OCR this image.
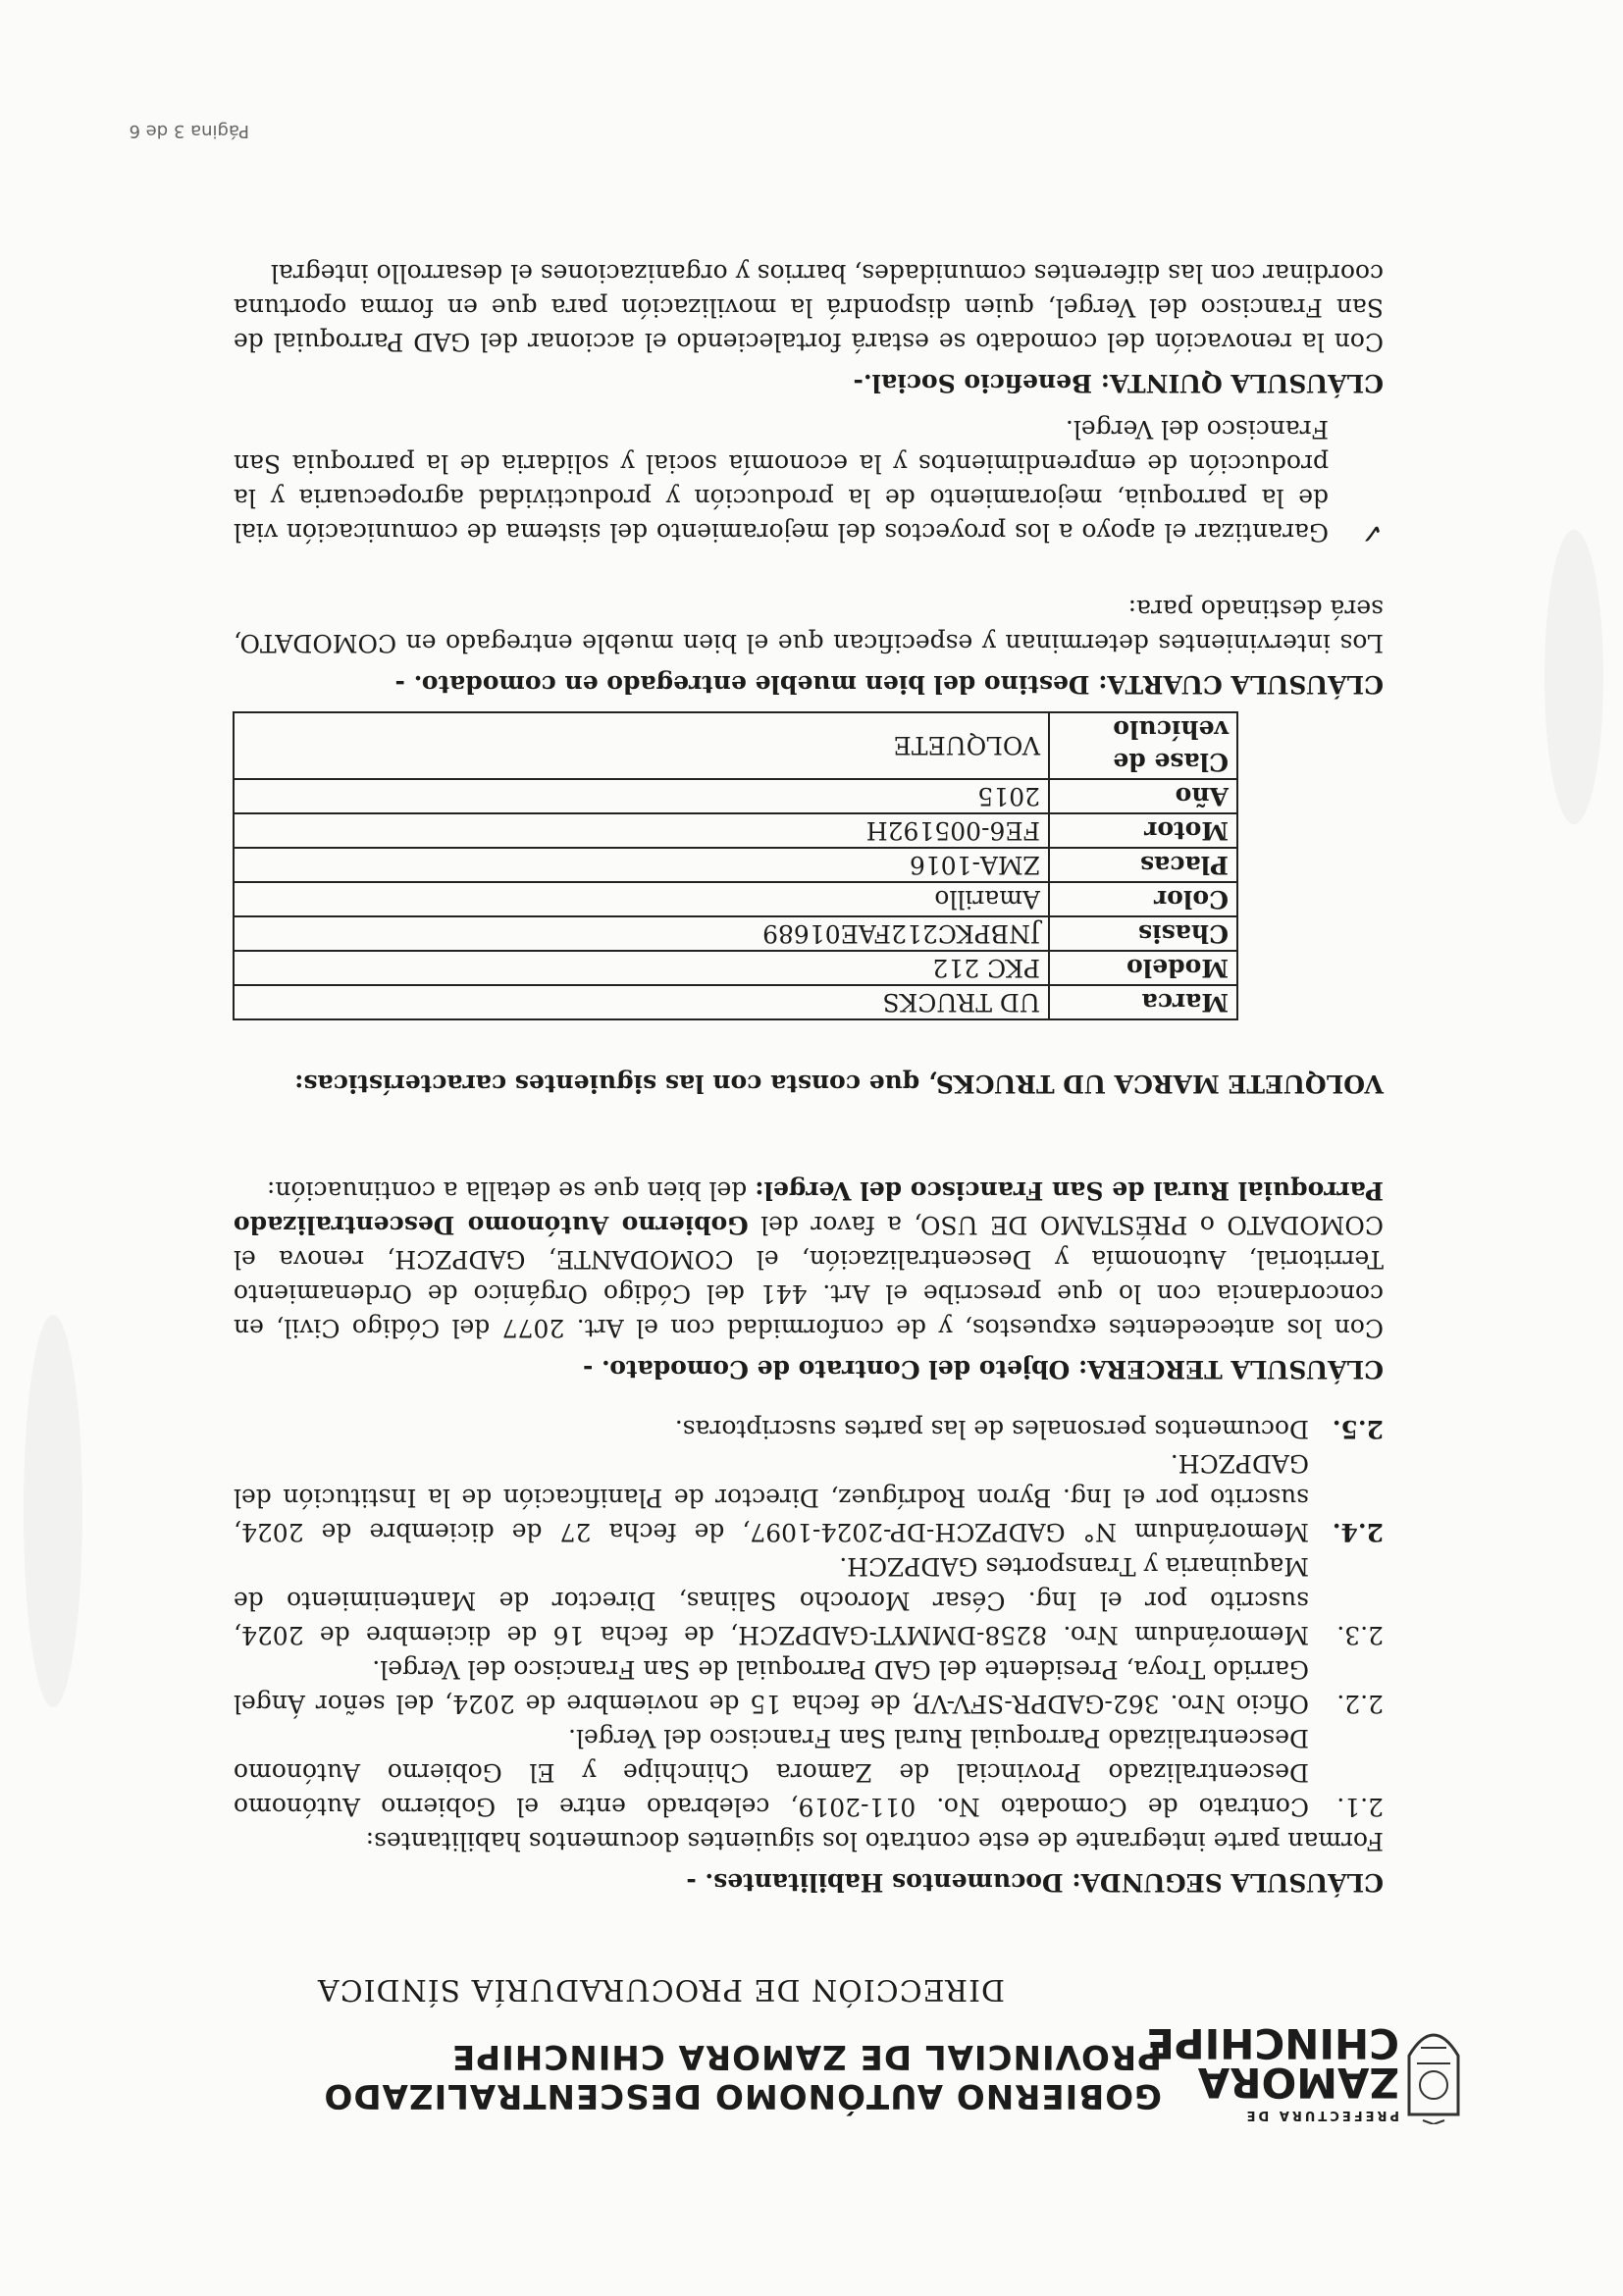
PREFECTURA DE
ZAMORA
CHINCHIPE
GOBIERNO AUTÓNOMO DESCENTRALIZADO
PROVINCIAL DE ZAMORA CHINCHIPE
DIRECCIÓN DE PROCURADURÍA SÍNDICA
CLÁUSULA SEGUNDA: Documentos Habilitantes. -
Forman parte integrante de este contrato los siguientes documentos habilitantes:
2.1.
Contrato de Comodato No. 011-2019, celebrado entre el Gobierno Autónomo Descentralizado Provincial de Zamora Chinchipe y El Gobierno Autónomo Descentralizado Parroquial Rural San Francisco del Vergel.
2.2.
Oficio Nro. 362-GADPR-SFV-VP, de fecha 15 de noviembre de 2024, del señor Ángel Garrido Troya, Presidente del GAD Parroquial de San Francisco del Vergel.
2.3.
Memorándum Nro. 8258-DMMYT-GADPZCH, de fecha 16 de diciembre de 2024, suscrito por el Ing. César Morocho Salinas, Director de Mantenimiento de Maquinaria y Transportes GADPZCH.
2.4.
Memorándum N° GADPZCH-DP-2024-1097, de fecha 27 de diciembre de 2024, suscrito por el Ing. Byron Rodríguez, Director de Planificación de la Institución del GADPZCH.
2.5.
Documentos personales de las partes suscriptoras.
CLÁUSULA TERCERA: Objeto del Contrato de Comodato. -
Con los antecedentes expuestos, y de conformidad con el Art. 2077 del Código Civil, en concordancia con lo que prescribe el Art. 441 del Código Orgánico de Ordenamiento Territorial, Autonomía y Descentralización, el COMODANTE, GADPZCH, renova el COMODATO o PRÉSTAMO DE USO, a favor del Gobierno Autónomo Descentralizado Parroquial Rural de San Francisco del Vergel: del bien que se detalla a continuación:
VOLQUETE MARCA UD TRUCKS, que consta con las siguientes características:
Marca	UD TRUCKS
Modelo	PKC 212
Chasis	JNBPKC212FAE01689
Color	Amarillo
Placas	ZMA-1016
Motor	FE6-005192H
Año	2015
Clase de vehículo	VOLQUETE
CLÁUSULA CUARTA: Destino del bien mueble entregado en comodato. -
Los intervinientes determinan y especifican que el bien mueble entregado en COMODATO, será destinado para:
✓
Garantizar el apoyo a los proyectos del mejoramiento del sistema de comunicación vial de la parroquia, mejoramiento de la producción y productividad agropecuaria y la producción de emprendimientos y la economía social y solidaria de la parroquia San Francisco del Vergel.
CLÁUSULA QUINTA: Beneficio Social.-
Con la renovación del comodato se estará fortaleciendo el accionar del GAD Parroquial de San Francisco del Vergel, quien dispondrá la movilización para que en forma oportuna coordinar con las diferentes comunidades, barrios y organizaciones el desarrollo integral
Página 3 de 6
